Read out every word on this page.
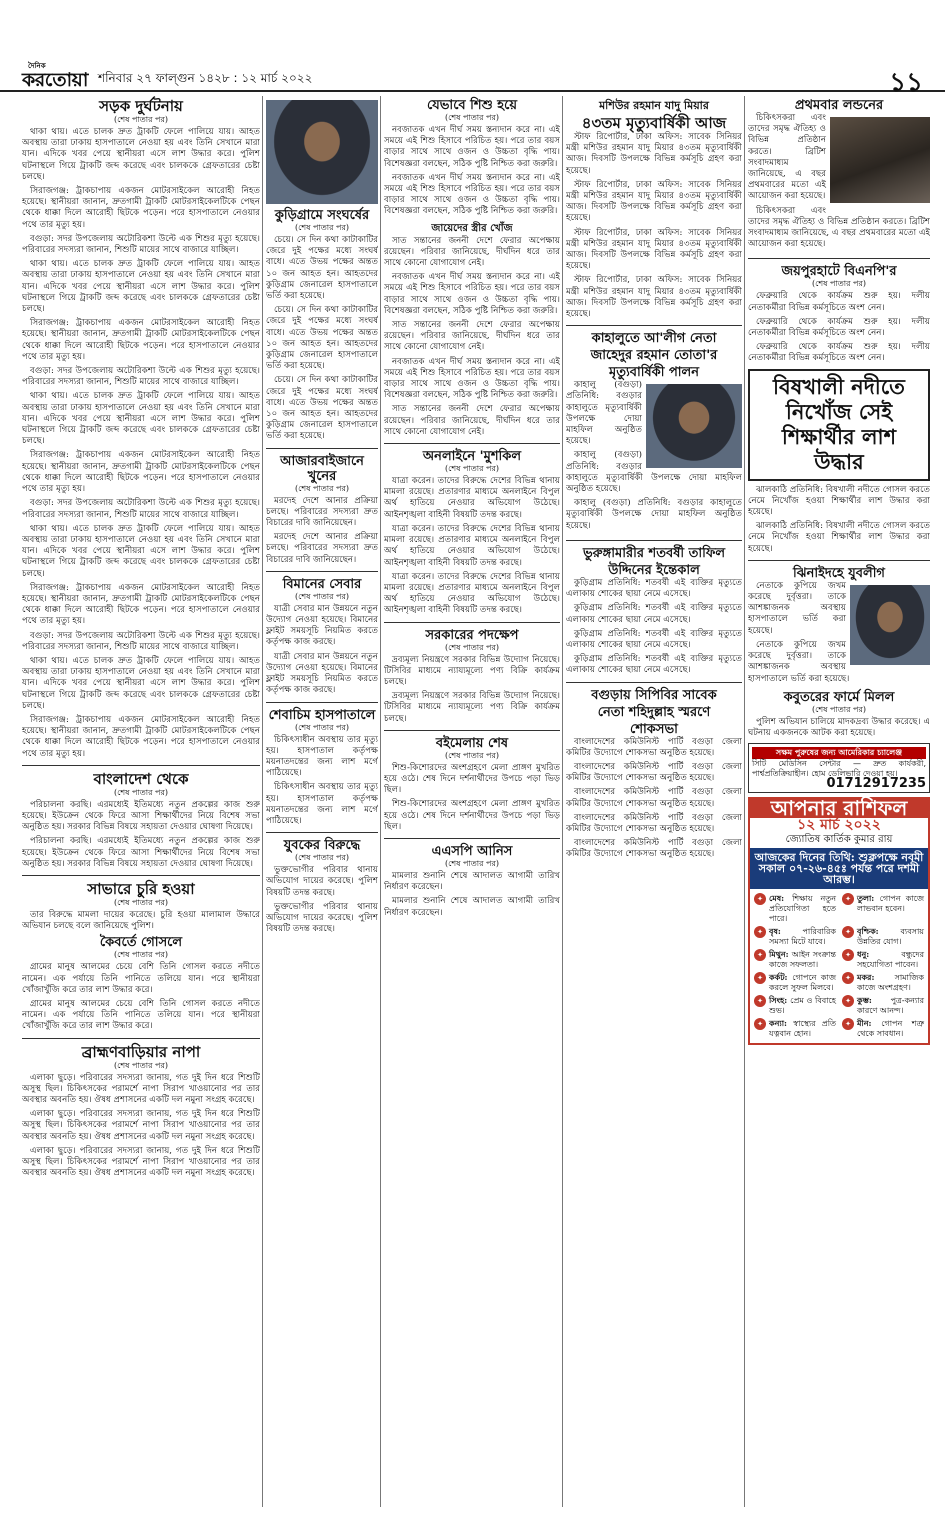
দৈনিক
করতোয়া শনিবার ২৭ ফাল্গুন ১৪২৮ : ১২ মার্চ ২০২২	১১
সড়ক দুর্ঘটনায়
(শেষ পাতার পর)

থাকা থায়। এতে চালক দ্রুত ট্রাকটি ফেলে পালিয়ে যায়। আহত অবস্থায় তারা ঢাকায় হাসপাতালে নেওয়া হয় এবং তিনি সেখানে মারা যান। এদিকে খবর পেয়ে স্থানীয়রা এসে লাশ উদ্ধার করে। পুলিশ ঘটনাস্থলে গিয়ে ট্রাকটি জব্দ করেছে এবং চালককে গ্রেফতারের চেষ্টা চলছে।

সিরাজগঞ্জ: ট্রাকচাপায় একজন মোটরসাইকেল আরোহী নিহত হয়েছে। স্থানীয়রা জানান, দ্রুতগামী ট্রাকটি মোটরসাইকেলটিকে পেছন থেকে ধাক্কা দিলে আরোহী ছিটকে পড়েন। পরে হাসপাতালে নেওয়ার পথে তার মৃত্যু হয়।

বগুড়া: সদর উপজেলায় অটোরিকশা উল্টে এক শিশুর মৃত্যু হয়েছে। পরিবারের সদস্যরা জানান, শিশুটি মায়ের সাথে বাজারে যাচ্ছিল।

থাকা থায়। এতে চালক দ্রুত ট্রাকটি ফেলে পালিয়ে যায়। আহত অবস্থায় তারা ঢাকায় হাসপাতালে নেওয়া হয় এবং তিনি সেখানে মারা যান। এদিকে খবর পেয়ে স্থানীয়রা এসে লাশ উদ্ধার করে। পুলিশ ঘটনাস্থলে গিয়ে ট্রাকটি জব্দ করেছে এবং চালককে গ্রেফতারের চেষ্টা চলছে।

সিরাজগঞ্জ: ট্রাকচাপায় একজন মোটরসাইকেল আরোহী নিহত হয়েছে। স্থানীয়রা জানান, দ্রুতগামী ট্রাকটি মোটরসাইকেলটিকে পেছন থেকে ধাক্কা দিলে আরোহী ছিটকে পড়েন। পরে হাসপাতালে নেওয়ার পথে তার মৃত্যু হয়।

বগুড়া: সদর উপজেলায় অটোরিকশা উল্টে এক শিশুর মৃত্যু হয়েছে। পরিবারের সদস্যরা জানান, শিশুটি মায়ের সাথে বাজারে যাচ্ছিল।

থাকা থায়। এতে চালক দ্রুত ট্রাকটি ফেলে পালিয়ে যায়। আহত অবস্থায় তারা ঢাকায় হাসপাতালে নেওয়া হয় এবং তিনি সেখানে মারা যান। এদিকে খবর পেয়ে স্থানীয়রা এসে লাশ উদ্ধার করে। পুলিশ ঘটনাস্থলে গিয়ে ট্রাকটি জব্দ করেছে এবং চালককে গ্রেফতারের চেষ্টা চলছে।

সিরাজগঞ্জ: ট্রাকচাপায় একজন মোটরসাইকেল আরোহী নিহত হয়েছে। স্থানীয়রা জানান, দ্রুতগামী ট্রাকটি মোটরসাইকেলটিকে পেছন থেকে ধাক্কা দিলে আরোহী ছিটকে পড়েন। পরে হাসপাতালে নেওয়ার পথে তার মৃত্যু হয়।

বগুড়া: সদর উপজেলায় অটোরিকশা উল্টে এক শিশুর মৃত্যু হয়েছে। পরিবারের সদস্যরা জানান, শিশুটি মায়ের সাথে বাজারে যাচ্ছিল।

থাকা থায়। এতে চালক দ্রুত ট্রাকটি ফেলে পালিয়ে যায়। আহত অবস্থায় তারা ঢাকায় হাসপাতালে নেওয়া হয় এবং তিনি সেখানে মারা যান। এদিকে খবর পেয়ে স্থানীয়রা এসে লাশ উদ্ধার করে। পুলিশ ঘটনাস্থলে গিয়ে ট্রাকটি জব্দ করেছে এবং চালককে গ্রেফতারের চেষ্টা চলছে।

সিরাজগঞ্জ: ট্রাকচাপায় একজন মোটরসাইকেল আরোহী নিহত হয়েছে। স্থানীয়রা জানান, দ্রুতগামী ট্রাকটি মোটরসাইকেলটিকে পেছন থেকে ধাক্কা দিলে আরোহী ছিটকে পড়েন। পরে হাসপাতালে নেওয়ার পথে তার মৃত্যু হয়।

বগুড়া: সদর উপজেলায় অটোরিকশা উল্টে এক শিশুর মৃত্যু হয়েছে। পরিবারের সদস্যরা জানান, শিশুটি মায়ের সাথে বাজারে যাচ্ছিল।

থাকা থায়। এতে চালক দ্রুত ট্রাকটি ফেলে পালিয়ে যায়। আহত অবস্থায় তারা ঢাকায় হাসপাতালে নেওয়া হয় এবং তিনি সেখানে মারা যান। এদিকে খবর পেয়ে স্থানীয়রা এসে লাশ উদ্ধার করে। পুলিশ ঘটনাস্থলে গিয়ে ট্রাকটি জব্দ করেছে এবং চালককে গ্রেফতারের চেষ্টা চলছে।

সিরাজগঞ্জ: ট্রাকচাপায় একজন মোটরসাইকেল আরোহী নিহত হয়েছে। স্থানীয়রা জানান, দ্রুতগামী ট্রাকটি মোটরসাইকেলটিকে পেছন থেকে ধাক্কা দিলে আরোহী ছিটকে পড়েন। পরে হাসপাতালে নেওয়ার পথে তার মৃত্যু হয়।

বাংলাদেশ থেকে
(শেষ পাতার পর)

পরিচালনা করছি। এরমধ্যেই ইতিমধ্যে নতুন প্রকল্পের কাজ শুরু হয়েছে। ইউক্রেন থেকে ফিরে আসা শিক্ষার্থীদের নিয়ে বিশেষ সভা অনুষ্ঠিত হয়। সরকার বিভিন্ন বিষয়ে সহায়তা দেওয়ার ঘোষণা দিয়েছে।

পরিচালনা করছি। এরমধ্যেই ইতিমধ্যে নতুন প্রকল্পের কাজ শুরু হয়েছে। ইউক্রেন থেকে ফিরে আসা শিক্ষার্থীদের নিয়ে বিশেষ সভা অনুষ্ঠিত হয়। সরকার বিভিন্ন বিষয়ে সহায়তা দেওয়ার ঘোষণা দিয়েছে।

সাভারে চুরি হওয়া
(শেষ পাতার পর)

তার বিরুদ্ধে মামলা দায়ের করেছে। চুরি হওয়া মালামাল উদ্ধারে অভিযান চলছে বলে জানিয়েছে পুলিশ।

কৈবর্তে গোসলে
(শেষ পাতার পর)

গ্রামের মানুষ আলমের চেয়ে বেশি তিনি গোসল করতে নদীতে নামেন। এক পর্যায়ে তিনি পানিতে তলিয়ে যান। পরে স্থানীয়রা খোঁজাখুঁজি করে তার লাশ উদ্ধার করে।

গ্রামের মানুষ আলমের চেয়ে বেশি তিনি গোসল করতে নদীতে নামেন। এক পর্যায়ে তিনি পানিতে তলিয়ে যান। পরে স্থানীয়রা খোঁজাখুঁজি করে তার লাশ উদ্ধার করে।

ব্রাহ্মণবাড়িয়ার নাপা
(শেষ পাতার পর)

এলাকা ছুড়ে। পরিবারের সদস্যরা জানায়, গত দুই দিন ধরে শিশুটি অসুস্থ ছিল। চিকিৎসকের পরামর্শে নাপা সিরাপ খাওয়ানোর পর তার অবস্থার অবনতি হয়। ঔষধ প্রশাসনের একটি দল নমুনা সংগ্রহ করেছে।

এলাকা ছুড়ে। পরিবারের সদস্যরা জানায়, গত দুই দিন ধরে শিশুটি অসুস্থ ছিল। চিকিৎসকের পরামর্শে নাপা সিরাপ খাওয়ানোর পর তার অবস্থার অবনতি হয়। ঔষধ প্রশাসনের একটি দল নমুনা সংগ্রহ করেছে।

এলাকা ছুড়ে। পরিবারের সদস্যরা জানায়, গত দুই দিন ধরে শিশুটি অসুস্থ ছিল। চিকিৎসকের পরামর্শে নাপা সিরাপ খাওয়ানোর পর তার অবস্থার অবনতি হয়। ঔষধ প্রশাসনের একটি দল নমুনা সংগ্রহ করেছে।

কুড়িগ্রামে সংঘর্ষের
(শেষ পাতার পর)

চেয়ে। সে দিন কথা কাটাকাটির জেরে দুই পক্ষের মধ্যে সংঘর্ষ বাধে। এতে উভয় পক্ষের অন্তত ১০ জন আহত হন। আহতদের কুড়িগ্রাম জেনারেল হাসপাতালে ভর্তি করা হয়েছে।

চেয়ে। সে দিন কথা কাটাকাটির জেরে দুই পক্ষের মধ্যে সংঘর্ষ বাধে। এতে উভয় পক্ষের অন্তত ১০ জন আহত হন। আহতদের কুড়িগ্রাম জেনারেল হাসপাতালে ভর্তি করা হয়েছে।

চেয়ে। সে দিন কথা কাটাকাটির জেরে দুই পক্ষের মধ্যে সংঘর্ষ বাধে। এতে উভয় পক্ষের অন্তত ১০ জন আহত হন। আহতদের কুড়িগ্রাম জেনারেল হাসপাতালে ভর্তি করা হয়েছে।

আজারবাইজানে খুনের
(শেষ পাতার পর)

মরদেহ দেশে আনার প্রক্রিয়া চলছে। পরিবারের সদস্যরা দ্রুত বিচারের দাবি জানিয়েছেন।

মরদেহ দেশে আনার প্রক্রিয়া চলছে। পরিবারের সদস্যরা দ্রুত বিচারের দাবি জানিয়েছেন।

বিমানের সেবার
(শেষ পাতার পর)

যাত্রী সেবার মান উন্নয়নে নতুন উদ্যোগ নেওয়া হয়েছে। বিমানের ফ্লাইট সময়সূচি নিয়মিত করতে কর্তৃপক্ষ কাজ করছে।

যাত্রী সেবার মান উন্নয়নে নতুন উদ্যোগ নেওয়া হয়েছে। বিমানের ফ্লাইট সময়সূচি নিয়মিত করতে কর্তৃপক্ষ কাজ করছে।

শেবাচিম হাসপাতালে
(শেষ পাতার পর)

চিকিৎসাধীন অবস্থায় তার মৃত্যু হয়। হাসপাতাল কর্তৃপক্ষ ময়নাতদন্তের জন্য লাশ মর্গে পাঠিয়েছে।

চিকিৎসাধীন অবস্থায় তার মৃত্যু হয়। হাসপাতাল কর্তৃপক্ষ ময়নাতদন্তের জন্য লাশ মর্গে পাঠিয়েছে।

যুবকের বিরুদ্ধে
(শেষ পাতার পর)

ভুক্তভোগীর পরিবার থানায় অভিযোগ দায়ের করেছে। পুলিশ বিষয়টি তদন্ত করছে।

ভুক্তভোগীর পরিবার থানায় অভিযোগ দায়ের করেছে। পুলিশ বিষয়টি তদন্ত করছে।

যেভাবে শিশু হয়ে
(শেষ পাতার পর)

নবজাতক এখন দীর্ঘ সময় স্তন্যদান করে না। এই সময়ে এই শিশু হিসাবে পরিচিত হয়। পরে তার বয়স বাড়ার সাথে সাথে ওজন ও উচ্চতা বৃদ্ধি পায়। বিশেষজ্ঞরা বলছেন, সঠিক পুষ্টি নিশ্চিত করা জরুরি।

নবজাতক এখন দীর্ঘ সময় স্তন্যদান করে না। এই সময়ে এই শিশু হিসাবে পরিচিত হয়। পরে তার বয়স বাড়ার সাথে সাথে ওজন ও উচ্চতা বৃদ্ধি পায়। বিশেষজ্ঞরা বলছেন, সঠিক পুষ্টি নিশ্চিত করা জরুরি।

জায়েদের স্ত্রীর খোঁজ

সাত সন্তানের জননী দেশে ফেরার অপেক্ষায় রয়েছেন। পরিবার জানিয়েছে, দীর্ঘদিন ধরে তার সাথে কোনো যোগাযোগ নেই।

নবজাতক এখন দীর্ঘ সময় স্তন্যদান করে না। এই সময়ে এই শিশু হিসাবে পরিচিত হয়। পরে তার বয়স বাড়ার সাথে সাথে ওজন ও উচ্চতা বৃদ্ধি পায়। বিশেষজ্ঞরা বলছেন, সঠিক পুষ্টি নিশ্চিত করা জরুরি।

সাত সন্তানের জননী দেশে ফেরার অপেক্ষায় রয়েছেন। পরিবার জানিয়েছে, দীর্ঘদিন ধরে তার সাথে কোনো যোগাযোগ নেই।

নবজাতক এখন দীর্ঘ সময় স্তন্যদান করে না। এই সময়ে এই শিশু হিসাবে পরিচিত হয়। পরে তার বয়স বাড়ার সাথে সাথে ওজন ও উচ্চতা বৃদ্ধি পায়। বিশেষজ্ঞরা বলছেন, সঠিক পুষ্টি নিশ্চিত করা জরুরি।

সাত সন্তানের জননী দেশে ফেরার অপেক্ষায় রয়েছেন। পরিবার জানিয়েছে, দীর্ঘদিন ধরে তার সাথে কোনো যোগাযোগ নেই।

অনলাইনে 'মুশকিল
(শেষ পাতার পর)

যাত্রা করেন। তাদের বিরুদ্ধে দেশের বিভিন্ন থানায় মামলা রয়েছে। প্রতারণার মাধ্যমে অনলাইনে বিপুল অর্থ হাতিয়ে নেওয়ার অভিযোগ উঠেছে। আইনশৃঙ্খলা বাহিনী বিষয়টি তদন্ত করছে।

যাত্রা করেন। তাদের বিরুদ্ধে দেশের বিভিন্ন থানায় মামলা রয়েছে। প্রতারণার মাধ্যমে অনলাইনে বিপুল অর্থ হাতিয়ে নেওয়ার অভিযোগ উঠেছে। আইনশৃঙ্খলা বাহিনী বিষয়টি তদন্ত করছে।

যাত্রা করেন। তাদের বিরুদ্ধে দেশের বিভিন্ন থানায় মামলা রয়েছে। প্রতারণার মাধ্যমে অনলাইনে বিপুল অর্থ হাতিয়ে নেওয়ার অভিযোগ উঠেছে। আইনশৃঙ্খলা বাহিনী বিষয়টি তদন্ত করছে।

সরকারের পদক্ষেপ
(শেষ পাতার পর)

দ্রব্যমূল্য নিয়ন্ত্রণে সরকার বিভিন্ন উদ্যোগ নিয়েছে। টিসিবির মাধ্যমে ন্যায্যমূল্যে পণ্য বিক্রি কার্যক্রম চলছে।

দ্রব্যমূল্য নিয়ন্ত্রণে সরকার বিভিন্ন উদ্যোগ নিয়েছে। টিসিবির মাধ্যমে ন্যায্যমূল্যে পণ্য বিক্রি কার্যক্রম চলছে।

বইমেলায় শেষ
(শেষ পাতার পর)

শিশু-কিশোরদের অংশগ্রহণে মেলা প্রাঙ্গণ মুখরিত হয়ে ওঠে। শেষ দিনে দর্শনার্থীদের উপচে পড়া ভিড় ছিল।

শিশু-কিশোরদের অংশগ্রহণে মেলা প্রাঙ্গণ মুখরিত হয়ে ওঠে। শেষ দিনে দর্শনার্থীদের উপচে পড়া ভিড় ছিল।

এএসপি আনিস
(শেষ পাতার পর)

মামলার শুনানি শেষে আদালত আগামী তারিখ নির্ধারণ করেছেন।

মামলার শুনানি শেষে আদালত আগামী তারিখ নির্ধারণ করেছেন।

মশিউর রহমান যাদু মিয়ার
৪৩তম মৃত্যুবার্ষিকী আজ

স্টাফ রিপোর্টার, ঢাকা অফিস: সাবেক সিনিয়র মন্ত্রী মশিউর রহমান যাদু মিয়ার ৪৩তম মৃত্যুবার্ষিকী আজ। দিবসটি উপলক্ষে বিভিন্ন কর্মসূচি গ্রহণ করা হয়েছে।

স্টাফ রিপোর্টার, ঢাকা অফিস: সাবেক সিনিয়র মন্ত্রী মশিউর রহমান যাদু মিয়ার ৪৩তম মৃত্যুবার্ষিকী আজ। দিবসটি উপলক্ষে বিভিন্ন কর্মসূচি গ্রহণ করা হয়েছে।

স্টাফ রিপোর্টার, ঢাকা অফিস: সাবেক সিনিয়র মন্ত্রী মশিউর রহমান যাদু মিয়ার ৪৩তম মৃত্যুবার্ষিকী আজ। দিবসটি উপলক্ষে বিভিন্ন কর্মসূচি গ্রহণ করা হয়েছে।

স্টাফ রিপোর্টার, ঢাকা অফিস: সাবেক সিনিয়র মন্ত্রী মশিউর রহমান যাদু মিয়ার ৪৩তম মৃত্যুবার্ষিকী আজ। দিবসটি উপলক্ষে বিভিন্ন কর্মসূচি গ্রহণ করা হয়েছে।

কাহালুতে আ'লীগ নেতা
জাহেদুর রহমান তোতা'র
মৃত্যুবার্ষিকী পালন

কাহালু (বগুড়া) প্রতিনিধি: বগুড়ার কাহালুতে মৃত্যুবার্ষিকী উপলক্ষে দোয়া মাহফিল অনুষ্ঠিত হয়েছে।

কাহালু (বগুড়া) প্রতিনিধি: বগুড়ার কাহালুতে মৃত্যুবার্ষিকী উপলক্ষে দোয়া মাহফিল অনুষ্ঠিত হয়েছে।

কাহালু (বগুড়া) প্রতিনিধি: বগুড়ার কাহালুতে মৃত্যুবার্ষিকী উপলক্ষে দোয়া মাহফিল অনুষ্ঠিত হয়েছে।

ভুরুঙ্গামারীর শতবর্ষী তাফিল
উদ্দিনের ইন্তেকাল

কুড়িগ্রাম প্রতিনিধি: শতবর্ষী এই ব্যক্তির মৃত্যুতে এলাকায় শোকের ছায়া নেমে এসেছে।

কুড়িগ্রাম প্রতিনিধি: শতবর্ষী এই ব্যক্তির মৃত্যুতে এলাকায় শোকের ছায়া নেমে এসেছে।

কুড়িগ্রাম প্রতিনিধি: শতবর্ষী এই ব্যক্তির মৃত্যুতে এলাকায় শোকের ছায়া নেমে এসেছে।

কুড়িগ্রাম প্রতিনিধি: শতবর্ষী এই ব্যক্তির মৃত্যুতে এলাকায় শোকের ছায়া নেমে এসেছে।

বগুড়ায় সিপিবির সাবেক
নেতা শহিদুল্লাহ স্মরণে
শোকসভা

বাংলাদেশের কমিউনিস্ট পার্টি বগুড়া জেলা কমিটির উদ্যোগে শোকসভা অনুষ্ঠিত হয়েছে।

বাংলাদেশের কমিউনিস্ট পার্টি বগুড়া জেলা কমিটির উদ্যোগে শোকসভা অনুষ্ঠিত হয়েছে।

বাংলাদেশের কমিউনিস্ট পার্টি বগুড়া জেলা কমিটির উদ্যোগে শোকসভা অনুষ্ঠিত হয়েছে।

বাংলাদেশের কমিউনিস্ট পার্টি বগুড়া জেলা কমিটির উদ্যোগে শোকসভা অনুষ্ঠিত হয়েছে।

বাংলাদেশের কমিউনিস্ট পার্টি বগুড়া জেলা কমিটির উদ্যোগে শোকসভা অনুষ্ঠিত হয়েছে।

প্রথমবার লন্ডনের

চিকিৎসকরা এবং তাদের সমৃদ্ধ ঐতিহ্য ও বিভিন্ন প্রতিষ্ঠান করতে। ব্রিটিশ সংবাদমাধ্যম জানিয়েছে, এ বছর প্রথমবারের মতো এই আয়োজন করা হয়েছে।

চিকিৎসকরা এবং তাদের সমৃদ্ধ ঐতিহ্য ও বিভিন্ন প্রতিষ্ঠান করতে। ব্রিটিশ সংবাদমাধ্যম জানিয়েছে, এ বছর প্রথমবারের মতো এই আয়োজন করা হয়েছে।

জয়পুরহাটে বিএনপি'র
(শেষ পাতার পর)

ফেব্রুয়ারি থেকে কার্যক্রম শুরু হয়। দলীয় নেতাকর্মীরা বিভিন্ন কর্মসূচিতে অংশ নেন।

ফেব্রুয়ারি থেকে কার্যক্রম শুরু হয়। দলীয় নেতাকর্মীরা বিভিন্ন কর্মসূচিতে অংশ নেন।

ফেব্রুয়ারি থেকে কার্যক্রম শুরু হয়। দলীয় নেতাকর্মীরা বিভিন্ন কর্মসূচিতে অংশ নেন।

বিষখালী নদীতে নিখোঁজ সেই শিক্ষার্থীর লাশ উদ্ধার

ঝালকাঠি প্রতিনিধি: বিষখালী নদীতে গোসল করতে নেমে নিখোঁজ হওয়া শিক্ষার্থীর লাশ উদ্ধার করা হয়েছে।

ঝালকাঠি প্রতিনিধি: বিষখালী নদীতে গোসল করতে নেমে নিখোঁজ হওয়া শিক্ষার্থীর লাশ উদ্ধার করা হয়েছে।

ঝিনাইদহে যুবলীগ

নেতাকে কুপিয়ে জখম করেছে দুর্বৃত্তরা। তাকে আশঙ্কাজনক অবস্থায় হাসপাতালে ভর্তি করা হয়েছে।

নেতাকে কুপিয়ে জখম করেছে দুর্বৃত্তরা। তাকে আশঙ্কাজনক অবস্থায় হাসপাতালে ভর্তি করা হয়েছে।

কবুতরের ফার্মে মিলল
(শেষ পাতার পর)

পুলিশ অভিযান চালিয়ে মাদকদ্রব্য উদ্ধার করেছে। এ ঘটনায় একজনকে আটক করা হয়েছে।

সক্ষম পুরুষের জন্য আমেরিকার চ্যালেঞ্জ
সিটি মেডিসিন সেন্টার — দ্রুত কার্যকরী, পার্শ্বপ্রতিক্রিয়াহীন। হোম ডেলিভারি দেওয়া হয়।
01712917235
আপনার রাশিফল
১২ মার্চ ২০২২
জ্যোতিষ কার্তিক কুমার রায়
আজকের দিনের তিথি: শুক্লপক্ষে নবমী সকাল ০৭-২৬-৪৫ঃ পর্যন্ত পরে দশমী আরম্ভ।
✦ মেষ: শিক্ষায় নতুন প্রতিযোগিতা হতে পারে।
✦ তুলা: গোপন কাজে লাভবান হবেন।
✦ বৃষ: পারিবারিক সমস্যা মিটে যাবে।
✦ বৃশ্চিক: ব্যবসায় উন্নতির যোগ।
✦ মিথুন: আইন সংক্রান্ত কাজে সফলতা।
✦ ধনু: বন্ধুদের সহযোগিতা পাবেন।
✦ কর্কট: গোপনে কাজ করলে সুফল মিলবে।
✦ মকর: সামাজিক কাজে অংশগ্রহণ।
✦ সিংহ: প্রেম ও বিবাহে শুভ।
✦ কুম্ভ: পুত্র-কন্যার কারণে আনন্দ।
✦ কন্যা: স্বাস্থ্যের প্রতি যত্নবান হোন।
✦ মীন: গোপন শত্রু থেকে সাবধান।
